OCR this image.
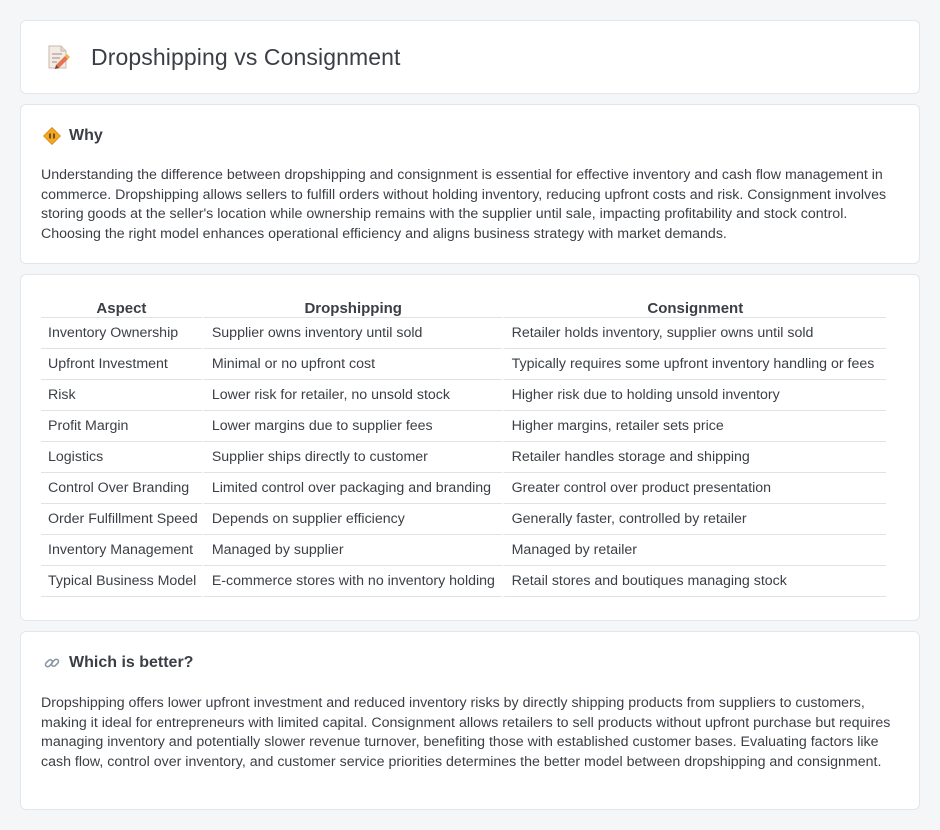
Dropshipping vs Consignment
Why

Understanding the difference between dropshipping and consignment is essential for effective inventory and cash flow management in commerce. Dropshipping allows sellers to fulfill orders without holding inventory, reducing upfront costs and risk. Consignment involves storing goods at the seller's location while ownership remains with the supplier until sale, impacting profitability and stock control. Choosing the right model enhances operational efficiency and aligns business strategy with market demands.

Aspect	Dropshipping	Consignment
Inventory Ownership	Supplier owns inventory until sold	Retailer holds inventory, supplier owns until sold
Upfront Investment	Minimal or no upfront cost	Typically requires some upfront inventory handling or fees
Risk	Lower risk for retailer, no unsold stock	Higher risk due to holding unsold inventory
Profit Margin	Lower margins due to supplier fees	Higher margins, retailer sets price
Logistics	Supplier ships directly to customer	Retailer handles storage and shipping
Control Over Branding	Limited control over packaging and branding	Greater control over product presentation
Order Fulfillment Speed	Depends on supplier efficiency	Generally faster, controlled by retailer
Inventory Management	Managed by supplier	Managed by retailer
Typical Business Model	E-commerce stores with no inventory holding	Retail stores and boutiques managing stock
Which is better?

Dropshipping offers lower upfront investment and reduced inventory risks by directly shipping products from suppliers to customers, making it ideal for entrepreneurs with limited capital. Consignment allows retailers to sell products without upfront purchase but requires managing inventory and potentially slower revenue turnover, benefiting those with established customer bases. Evaluating factors like cash flow, control over inventory, and customer service priorities determines the better model between dropshipping and consignment.
